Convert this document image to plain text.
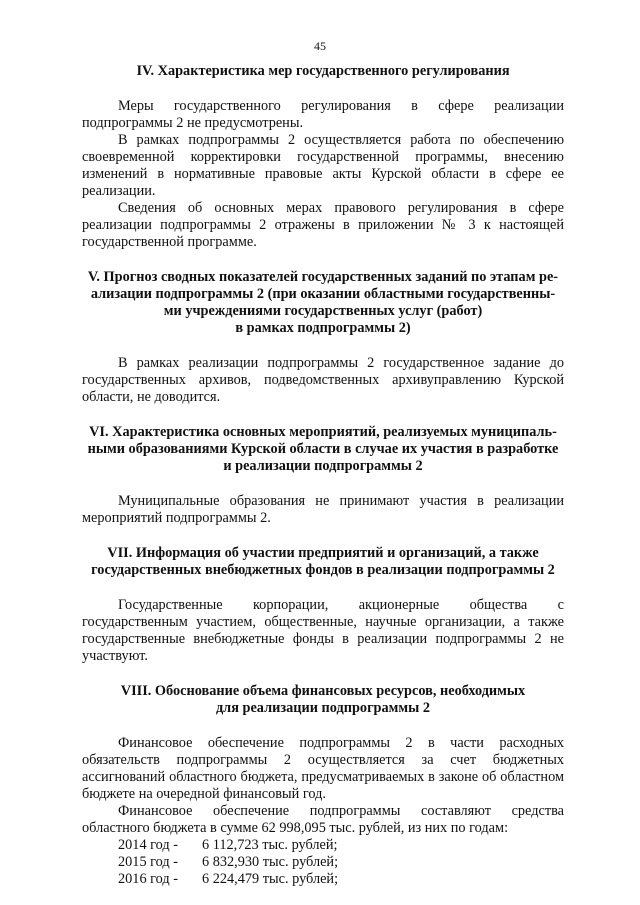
45
IV. Характеристика мер государственного регулирования

Меры государственного регулирования в сфере реализации подпрограммы 2 не предусмотрены.

В рамках подпрограммы 2 осуществляется работа по обеспечению своевременной корректировки государственной программы, внесению изменений в нормативные правовые акты Курской области в сфере ее реализации.

Сведения об основных мерах правового регулирования в сфере реализации подпрограммы 2 отражены в приложении № 3 к настоящей государственной программе.

V. Прогноз сводных показателей государственных заданий по этапам ре-
ализации подпрограммы 2 (при оказании областными государственны-
ми учреждениями государственных услуг (работ)
в рамках подпрограммы 2)

В рамках реализации подпрограммы 2 государственное задание до государственных архивов, подведомственных архивуправлению Курской области, не доводится.

VI. Характеристика основных мероприятий, реализуемых муниципаль-
ными образованиями Курской области в случае их участия в разработке
и реализации подпрограммы 2

Муниципальные образования не принимают участия в реализации мероприятий подпрограммы 2.

VII. Информация об участии предприятий и организаций, а также
государственных внебюджетных фондов в реализации подпрограммы 2

Государственные корпорации, акционерные общества с государственным участием, общественные, научные организации, а также государственные внебюджетные фонды в реализации подпрограммы 2 не участвуют.

VIII. Обоснование объема финансовых ресурсов, необходимых
для реализации подпрограммы 2

Финансовое обеспечение подпрограммы 2 в части расходных обязательств подпрограммы 2 осуществляется за счет бюджетных ассигнований областного бюджета, предусматриваемых в законе об областном бюджете на очередной финансовый год.

Финансовое обеспечение подпрограммы составляют средства областного бюджета в сумме 62 998,095 тыс. рублей, из них по годам:

2014 год -	6 112,723 тыс. рублей;
2015 год -	6 832,930 тыс. рублей;
2016 год -	6 224,479 тыс. рублей;
